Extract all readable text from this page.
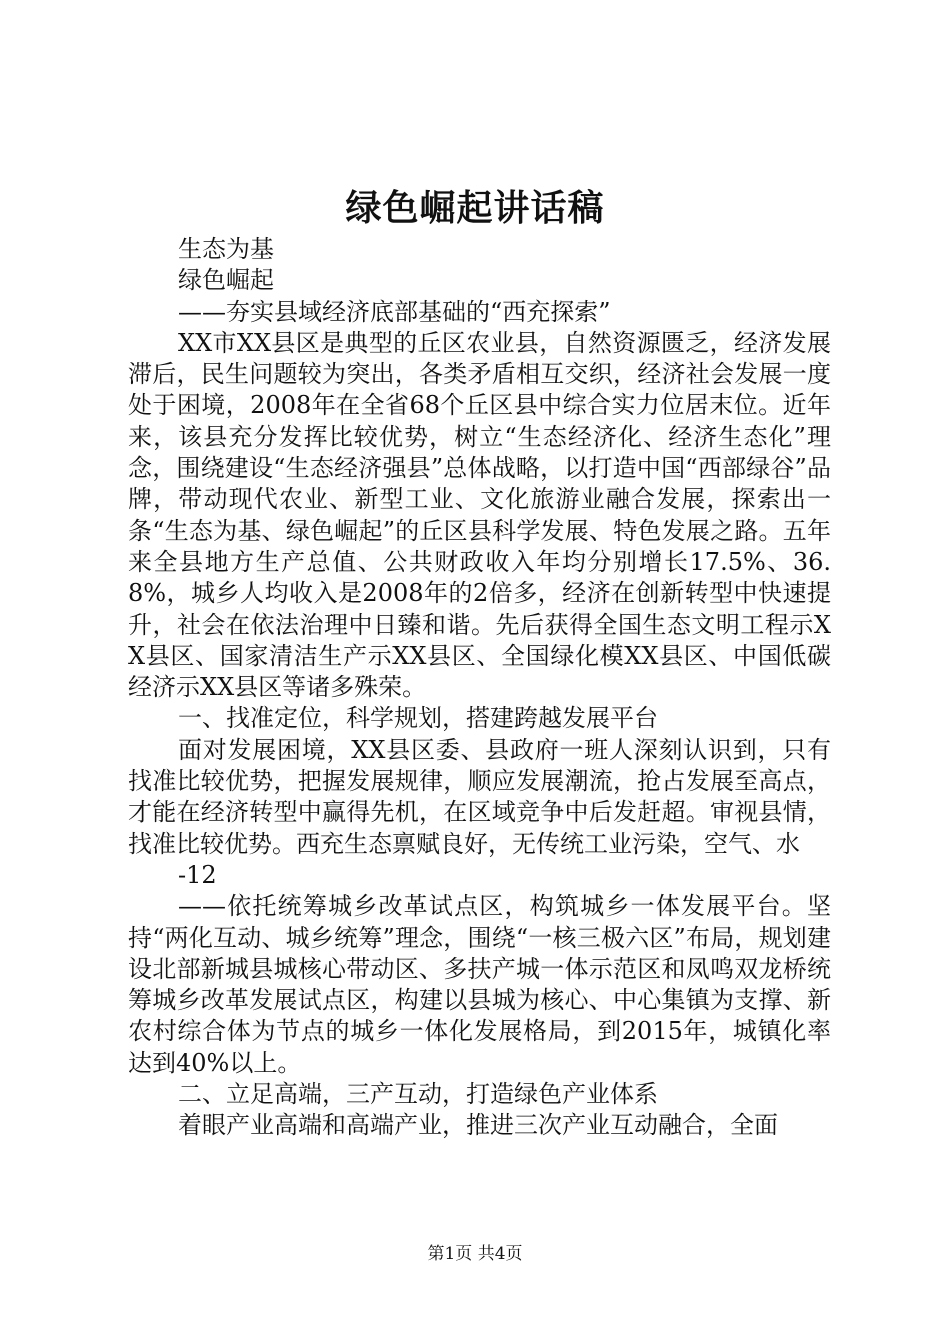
绿色崛起讲话稿

生态为基

绿色崛起

——夯实县域经济底部基础的“西充探索”

XX市XX县区是典型的丘区农业县，自然资源匮乏，经济发展滞后，民生问题较为突出，各类矛盾相互交织，经济社会发展一度处于困境，2008年在全省68个丘区县中综合实力位居末位。近年来，该县充分发挥比较优势，树立“生态经济化、经济生态化”理念，围绕建设“生态经济强县”总体战略，以打造中国“西部绿谷”品牌，带动现代农业、新型工业、文化旅游业融合发展，探索出一条“生态为基、绿色崛起”的丘区县科学发展、特色发展之路。五年来全县地方生产总值、公共财政收入年均分别增长17.5%、36.8%，城乡人均收入是2008年的2倍多，经济在创新转型中快速提升，社会在依法治理中日臻和谐。先后获得全国生态文明工程示XX县区、国家清洁生产示XX县区、全国绿化模XX县区、中国低碳经济示XX县区等诸多殊荣。

一、找准定位，科学规划，搭建跨越发展平台

面对发展困境，XX县区委、县政府一班人深刻认识到，只有找准比较优势，把握发展规律，顺应发展潮流，抢占发展至高点，才能在经济转型中赢得先机，在区域竞争中后发赶超。审视县情，找准比较优势。西充生态禀赋良好，无传统工业污染，空气、水

-12

——依托统筹城乡改革试点区，构筑城乡一体发展平台。坚持“两化互动、城乡统筹”理念，围绕“一核三极六区”布局，规划建设北部新城县城核心带动区、多扶产城一体示范区和凤鸣双龙桥统筹城乡改革发展试点区，构建以县城为核心、中心集镇为支撑、新农村综合体为节点的城乡一体化发展格局，到2015年，城镇化率达到40%以上。

二、立足高端，三产互动，打造绿色产业体系

着眼产业高端和高端产业，推进三次产业互动融合，全面

第1页 共4页
